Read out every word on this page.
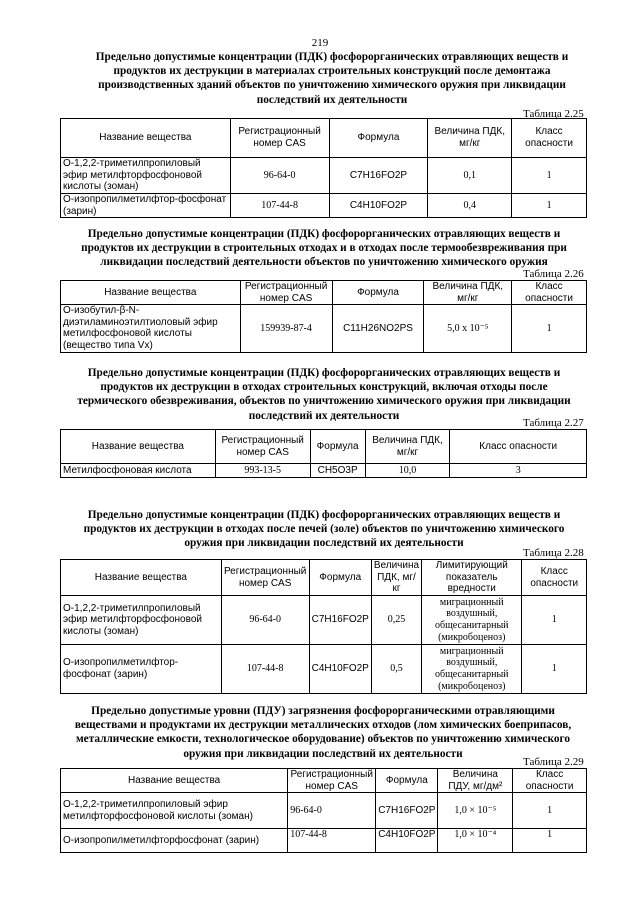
219
Предельно допустимые концентрации (ПДК) фосфорорганических отравляющих веществ и продуктов их деструкции в материалах строительных конструкций после демонтажа производственных зданий объектов по уничтожению химического оружия при ликвидации последствий их деятельности
Таблица 2.25
Название вещества	Регистрационный номер CAS	Формула	Величина ПДК, мг/кг	Класс опасности
О-1,2,2-триметилпропиловый эфир метилфторфосфоновой кислоты (зоман)	96-64-0	C7H16FO2P	0,1	1
О-изопропилметилфтор-фосфонат (зарин)	107-44-8	C4H10FO2P	0,4	1
Предельно допустимые концентрации (ПДК) фосфорорганических отравляющих веществ и продуктов их деструкции в строительных отходах и в отходах после термообезвреживания при ликвидации последствий деятельности объектов по уничтожению химического оружия
Таблица 2.26
Название вещества	Регистрационный номер CAS	Формула	Величина ПДК, мг/кг	Класс опасности
О-изобутил-β-N-диэтиламиноэтилтиоловый эфир метилфосфоновой кислоты (вещество типа Vx)	159939-87-4	C11H26NO2PS	5,0 x 10⁻⁵	1
Предельно допустимые концентрации (ПДК) фосфорорганических отравляющих веществ и продуктов их деструкции в отходах строительных конструкций, включая отходы после термического обезвреживания, объектов по уничтожению химического оружия при ликвидации последствий их деятельности
Таблица 2.27
Название вещества	Регистрационный номер CAS	Формула	Величина ПДК, мг/кг	Класс опасности
Метилфосфоновая кислота	993-13-5	CH5O3P	10,0	3
Предельно допустимые концентрации (ПДК) фосфорорганических отравляющих веществ и продуктов их деструкции в отходах после печей (золе) объектов по уничтожению химического оружия при ликвидации последствий их деятельности
Таблица 2.28
Название вещества	Регистрационный номер CAS	Формула	Величина ПДК, мг/кг	Лимитирующий показатель вредности	Класс опасности
О-1,2,2-триметилпропиловый эфир метилфторфосфоновой кислоты (зоман)	96-64-0	C7H16FO2P	0,25	миграционный воздушный, общесанитарный (микробоценоз)	1
О-изопропилметилфтор-фосфонат (зарин)	107-44-8	C4H10FO2P	0,5	миграционный воздушный, общесанитарный (микробоценоз)	1
Предельно допустимые уровни (ПДУ) загрязнения фосфорорганическими отравляющими веществами и продуктами их деструкции металлических отходов (лом химических боеприпасов, металлические емкости, технологическое оборудование) объектов по уничтожению химического оружия при ликвидации последствий их деятельности
Таблица 2.29
Название вещества	Регистрационный номер CAS	Формула	Величина ПДУ, мг/дм²	Класс опасности
О-1,2,2-триметилпропиловый эфир метилфторфосфоновой кислоты (зоман)	96-64-0	C7H16FO2P	1,0 × 10⁻⁵	1
О-изопропилметилфторфосфонат (зарин)	107-44-8	C4H10FO2P	1,0 × 10⁻⁴	1
